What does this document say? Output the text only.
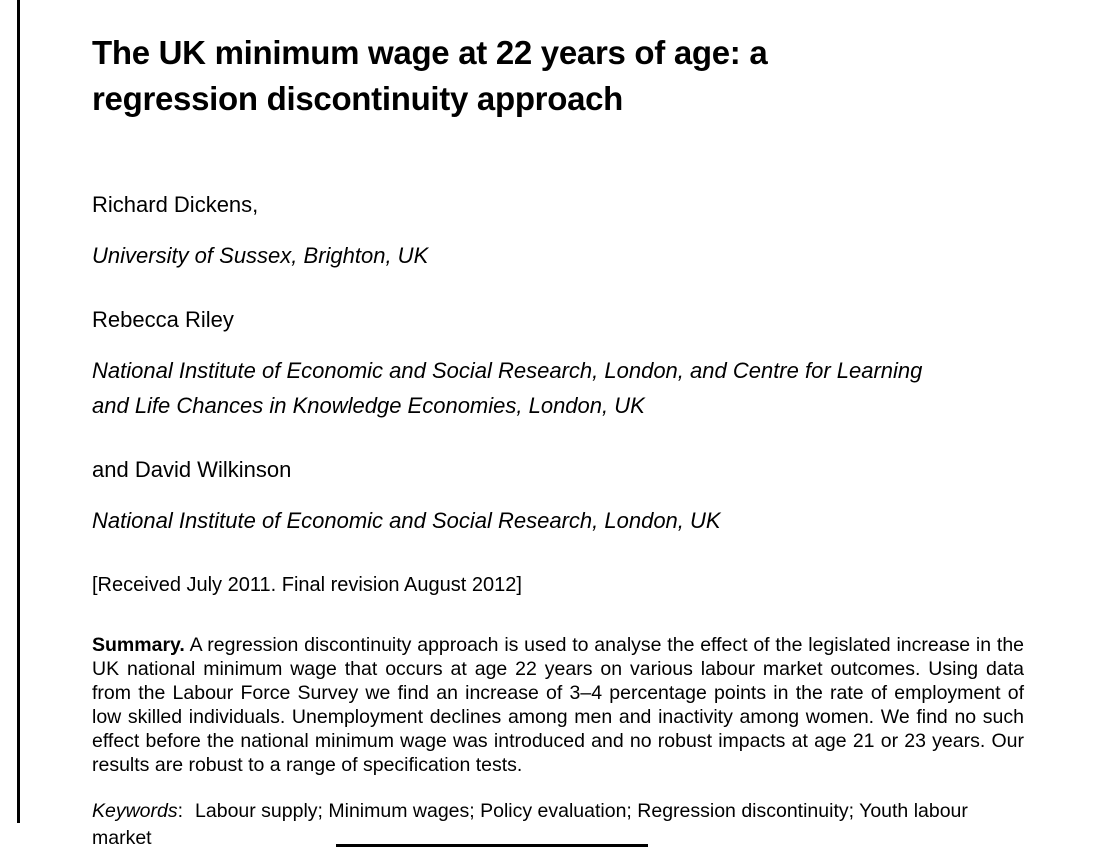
The UK minimum wage at 22 years of age: a
regression discontinuity approach

Richard Dickens,

University of Sussex, Brighton, UK

Rebecca Riley

National Institute of Economic and Social Research, London, and Centre for Learning and Life Chances in Knowledge Economies, London, UK

and David Wilkinson

National Institute of Economic and Social Research, London, UK

[Received July 2011. Final revision August 2012]

Summary. A regression discontinuity approach is used to analyse the effect of the legislated increase in the UK national minimum wage that occurs at age 22 years on various labour market outcomes. Using data from the Labour Force Survey we find an increase of 3–4 percentage points in the rate of employment of low skilled individuals. Unemployment declines among men and inactivity among women. We find no such effect before the national minimum wage was introduced and no robust impacts at age 21 or 23 years. Our results are robust to a range of specification tests.

Keywords: Labour supply; Minimum wages; Policy evaluation; Regression discontinuity; Youth labour market
